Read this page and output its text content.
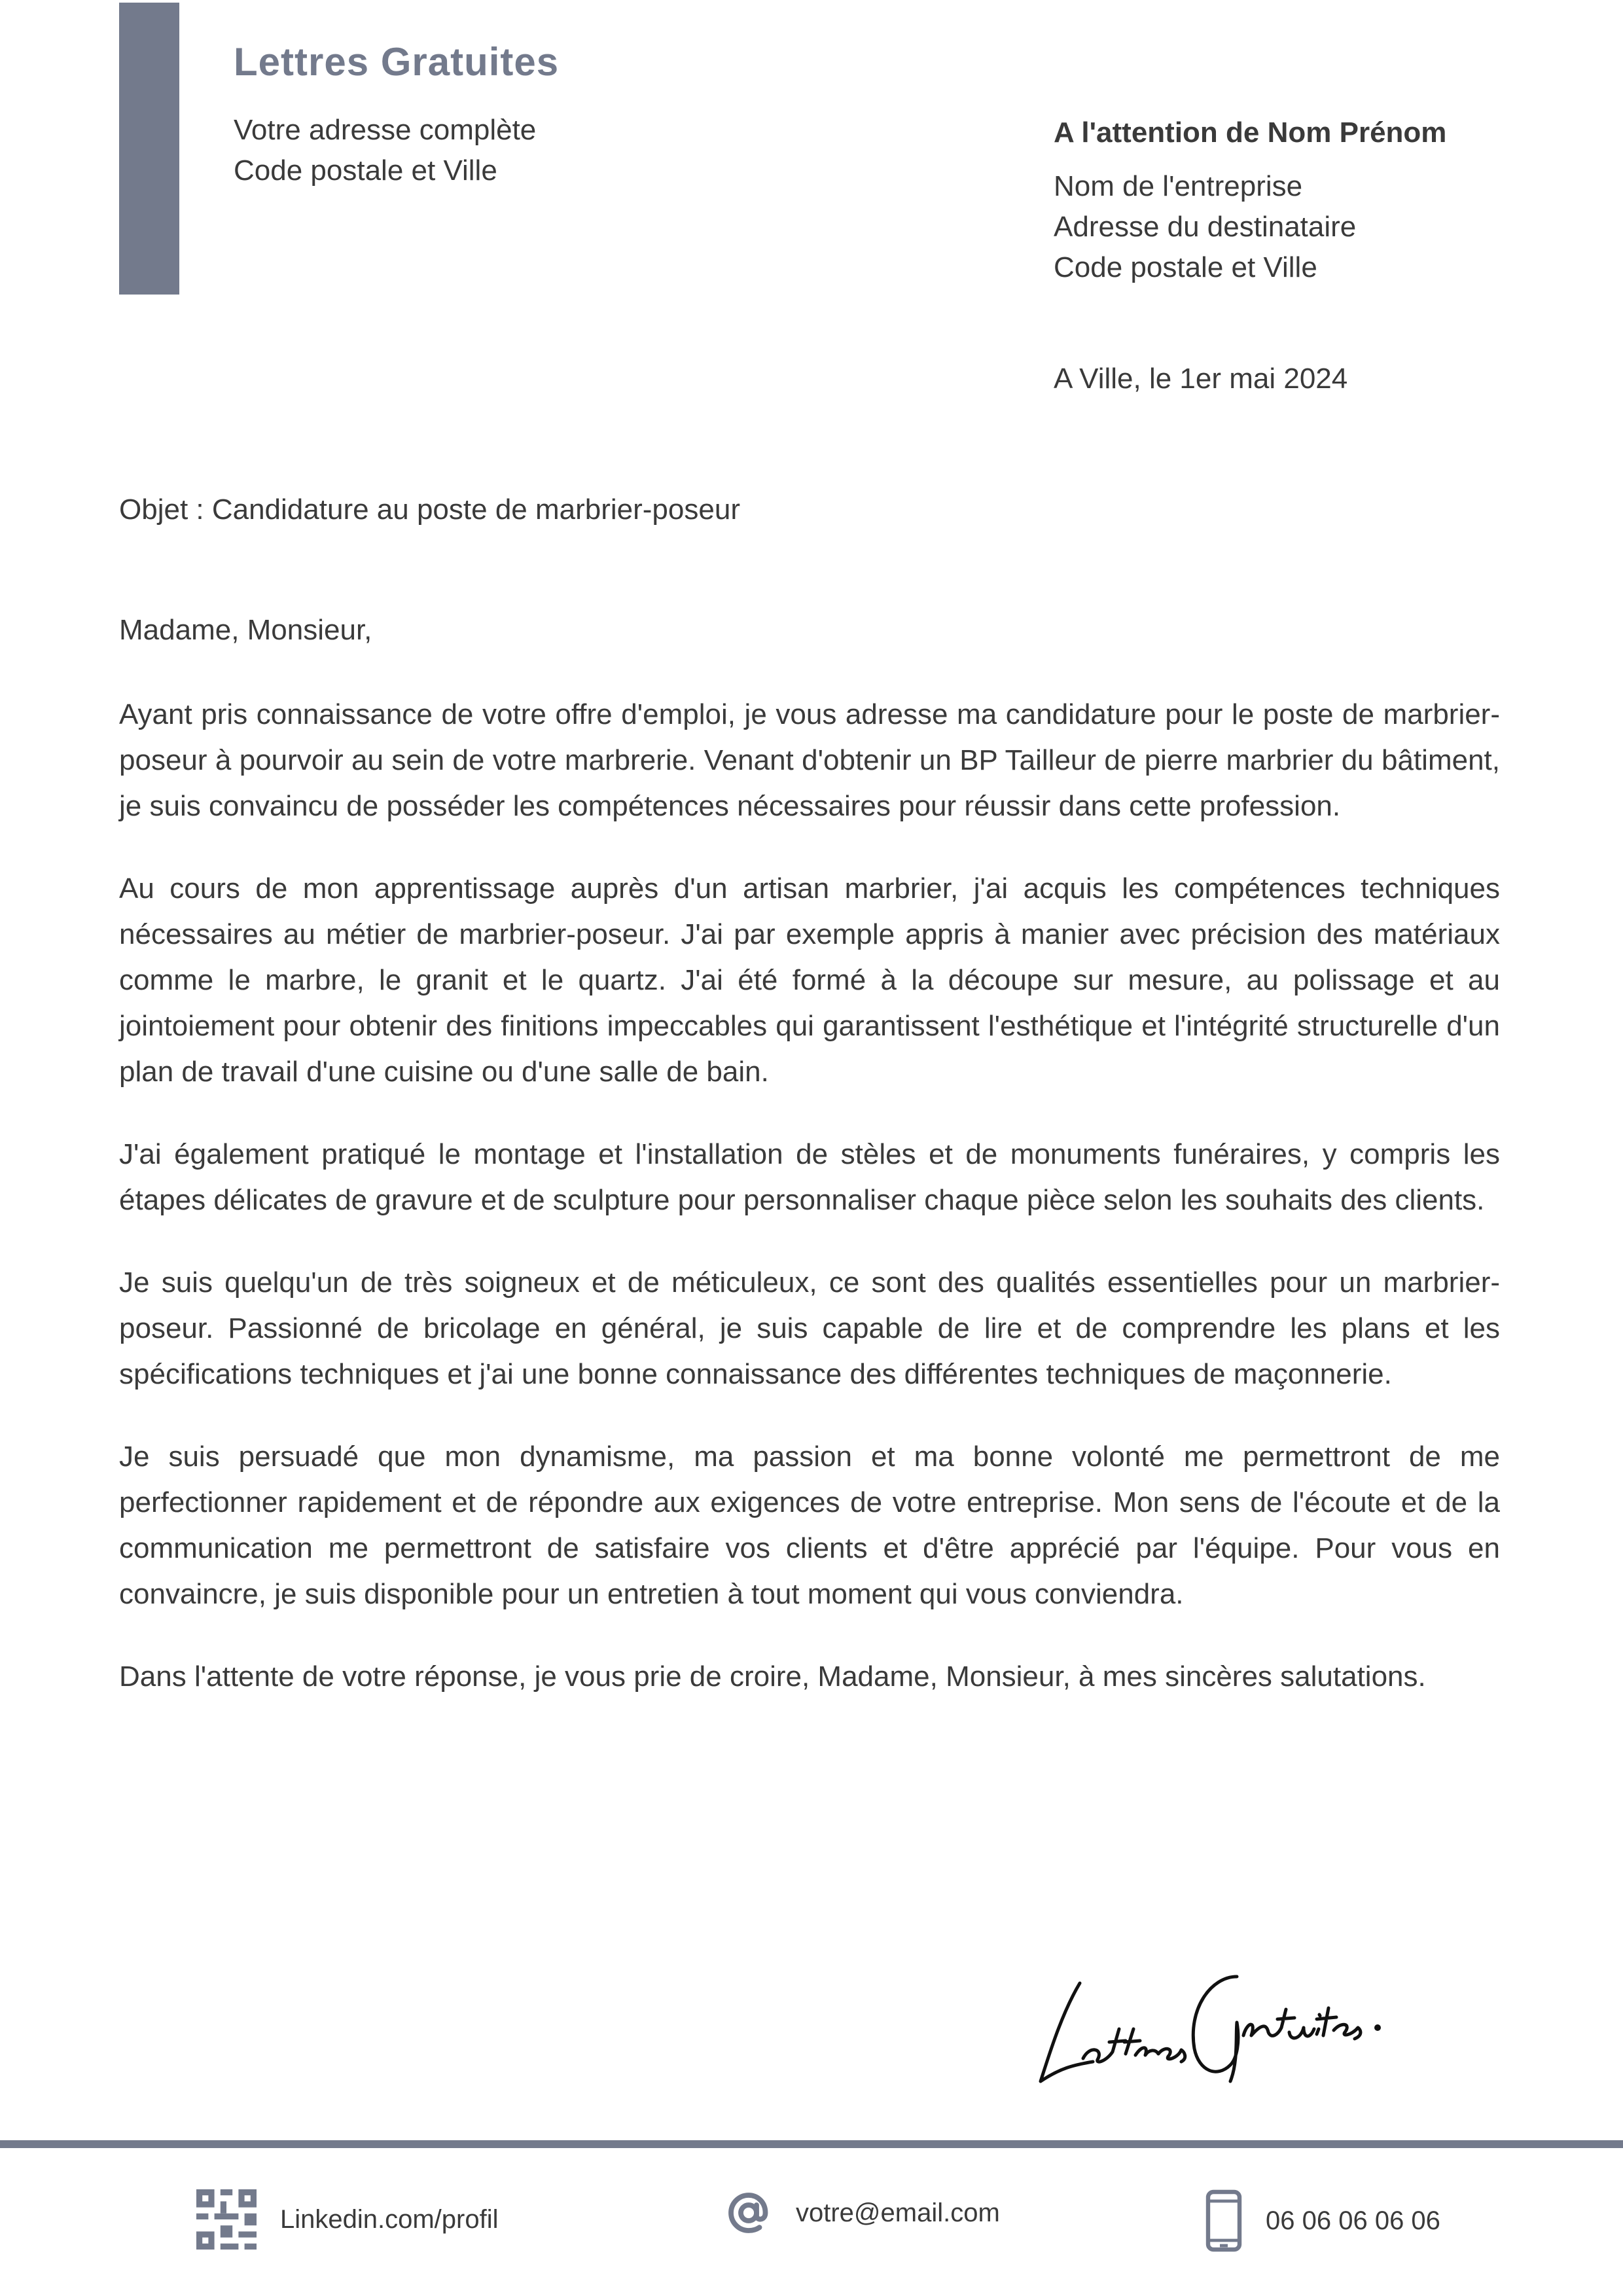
Lettres Gratuites
Votre adresse complète
Code postale et Ville
A l'attention de Nom Prénom
Nom de l'entreprise
Adresse du destinataire
Code postale et Ville
A Ville, le 1er mai 2024
Objet : Candidature au poste de marbrier-poseur
Madame, Monsieur,

Ayant pris connaissance de votre offre d'emploi, je vous adresse ma candidature pour le poste de marbrier-poseur à pourvoir au sein de votre marbrerie. Venant d'obtenir un BP Tailleur de pierre marbrier du bâtiment, je suis convaincu de posséder les compétences nécessaires pour réussir dans cette profession.

Au cours de mon apprentissage auprès d'un artisan marbrier, j'ai acquis les compétences techniques nécessaires au métier de marbrier-poseur. J'ai par exemple appris à manier avec précision des matériaux comme le marbre, le granit et le quartz. J'ai été formé à la découpe sur mesure, au polissage et au jointoiement pour obtenir des finitions impeccables qui garantissent l'esthétique et l'intégrité structurelle d'un plan de travail d'une cuisine ou d'une salle de bain.

J'ai également pratiqué le montage et l'installation de stèles et de monuments funéraires, y compris les étapes délicates de gravure et de sculpture pour personnaliser chaque pièce selon les souhaits des clients.

Je suis quelqu'un de très soigneux et de méticuleux, ce sont des qualités essentielles pour un marbrier-poseur. Passionné de bricolage en général, je suis capable de lire et de comprendre les plans et les spécifications techniques et j'ai une bonne connaissance des différentes techniques de maçonnerie.

Je suis persuadé que mon dynamisme, ma passion et ma bonne volonté me permettront de me perfectionner rapidement et de répondre aux exigences de votre entreprise. Mon sens de l'écoute et de la communication me permettront de satisfaire vos clients et d'être apprécié par l'équipe. Pour vous en convaincre, je suis disponible pour un entretien à tout moment qui vous conviendra.

Dans l'attente de votre réponse, je vous prie de croire, Madame, Monsieur, à mes sincères salutations.

Linkedin.com/profil	votre@email.com	06 06 06 06 06
